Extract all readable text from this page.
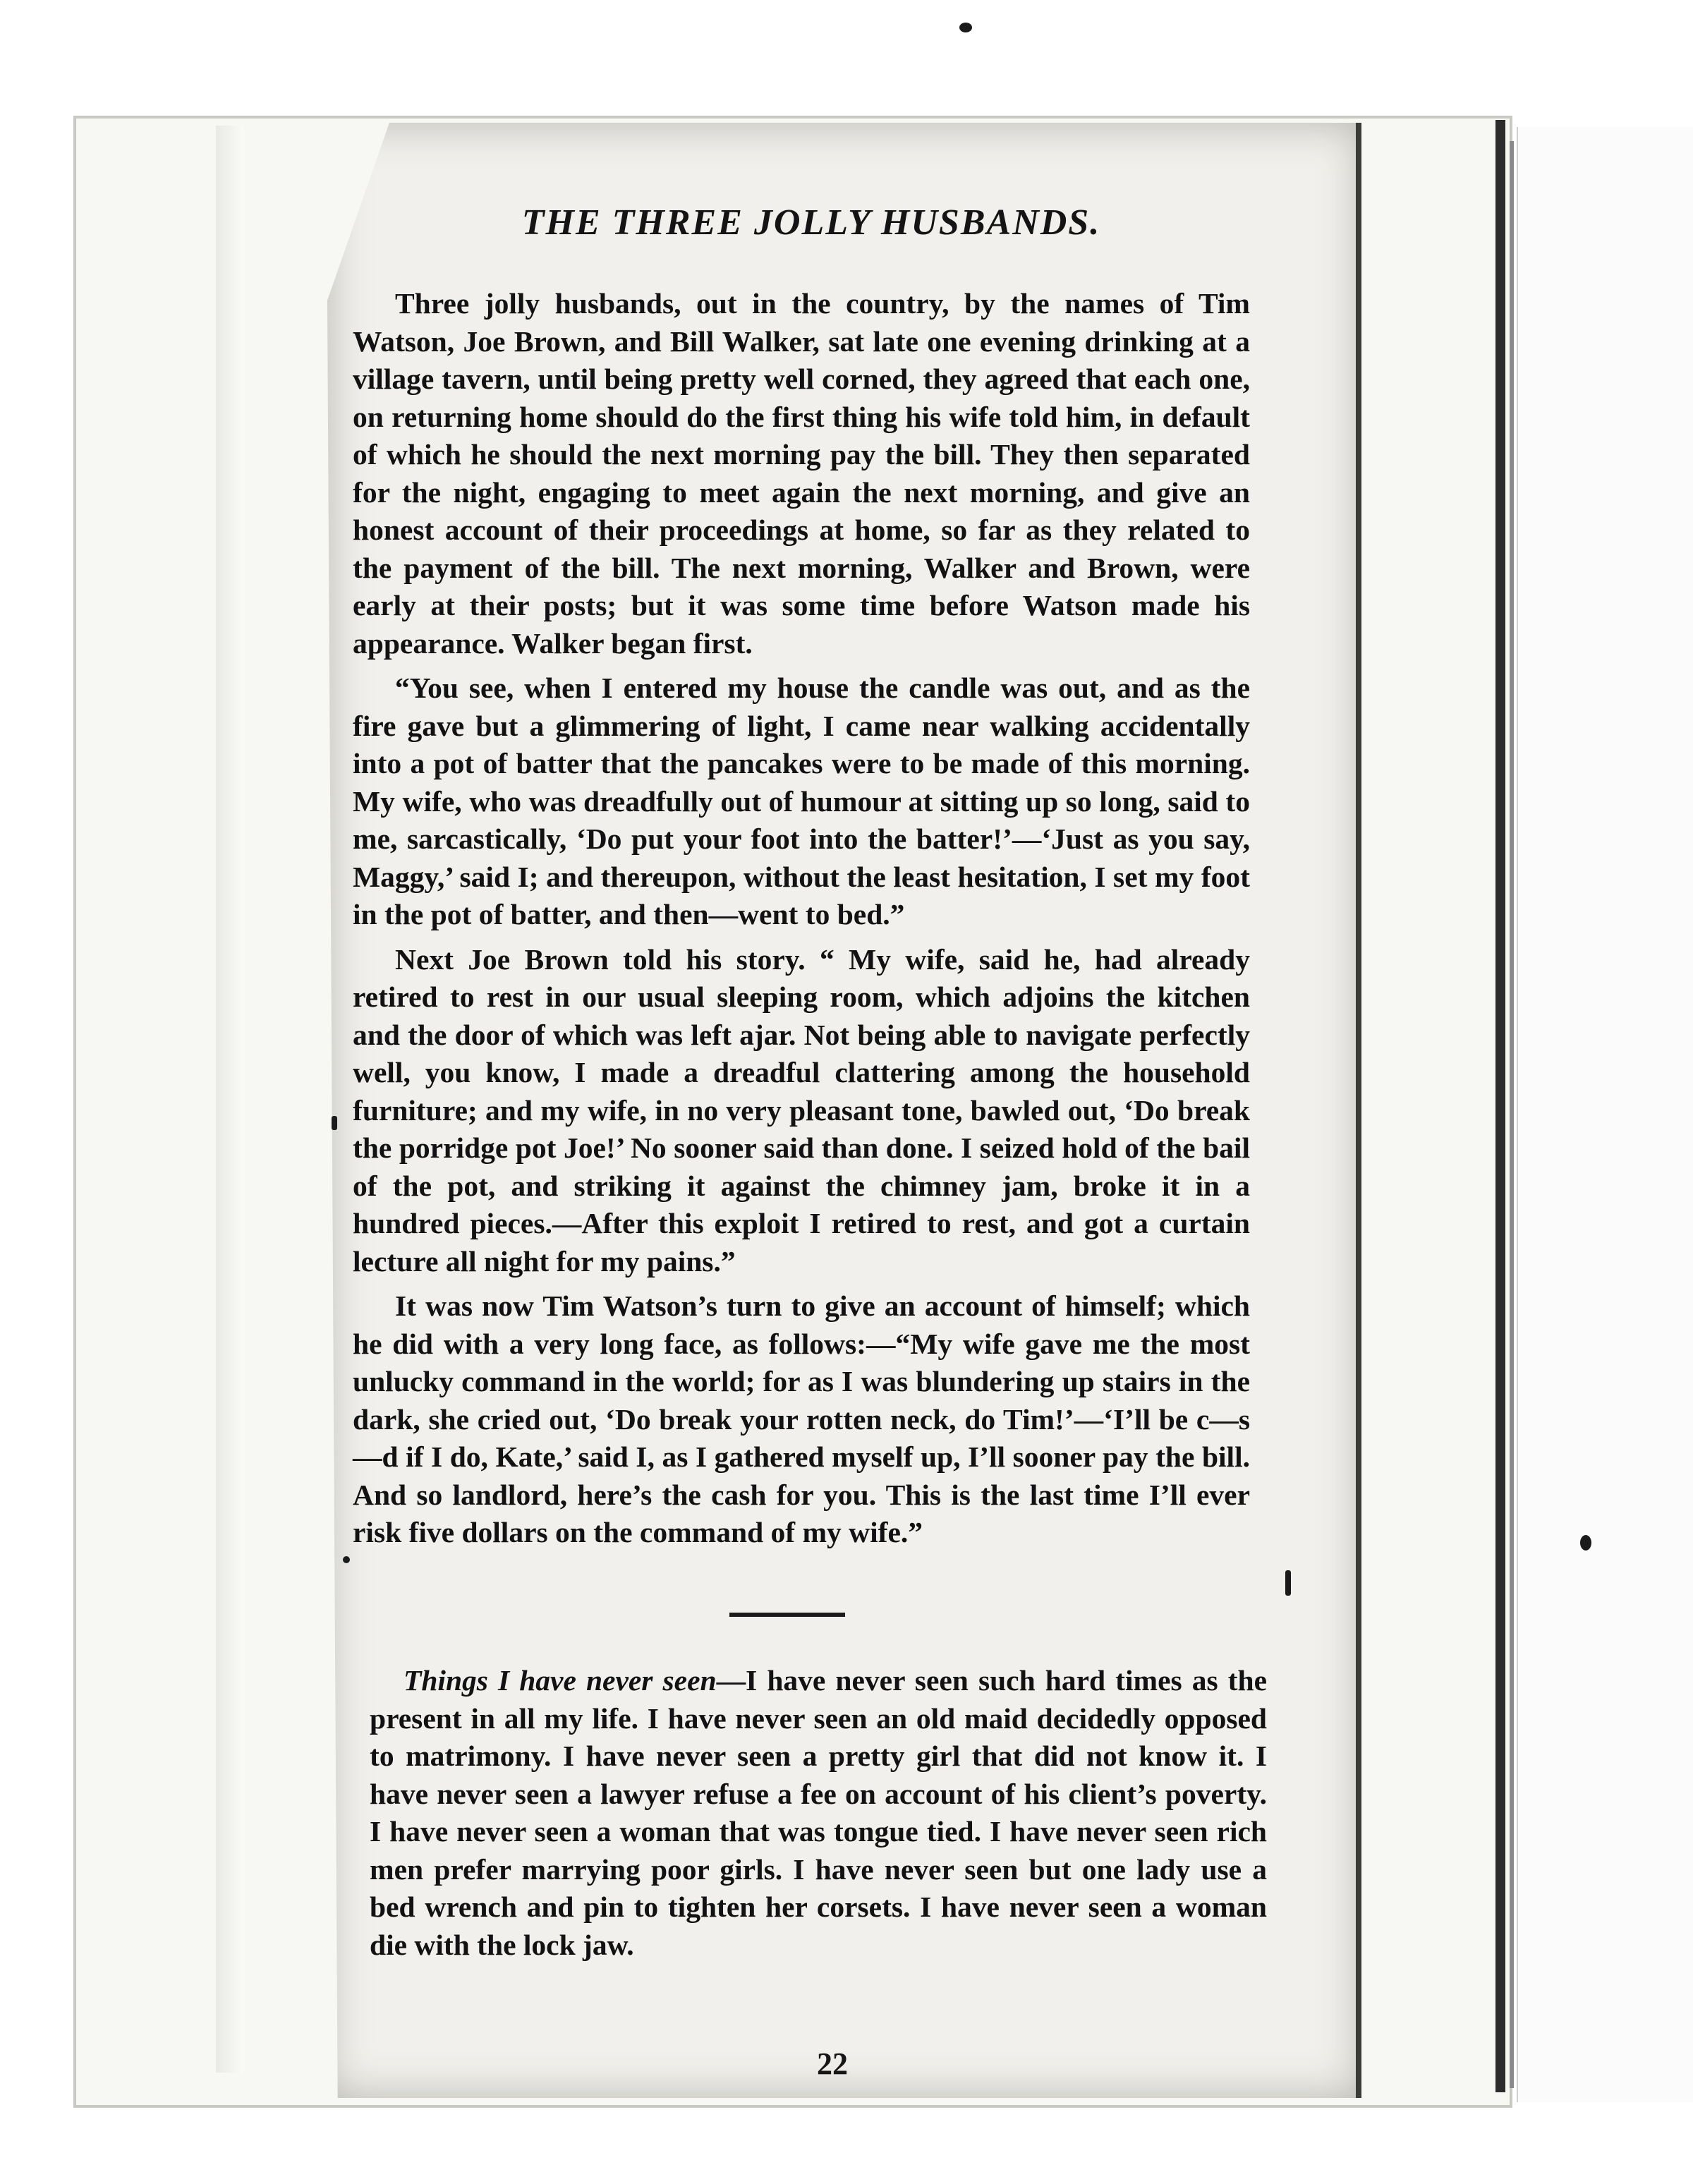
THE THREE JOLLY HUSBANDS.

Three jolly husbands, out in the country, by the names of Tim Watson, Joe Brown, and Bill Walker, sat late one evening drinking at a village tavern, until being pretty well corned, they agreed that each one, on returning home should do the first thing his wife told him, in default of which he should the next morning pay the bill. They then separated for the night, engaging to meet again the next morning, and give an honest account of their proceedings at home, so far as they related to the payment of the bill. The next morning, Walker and Brown, were early at their posts; but it was some time before Watson made his appearance. Walker began first.

“You see, when I entered my house the candle was out, and as the fire gave but a glimmering of light, I came near walking accidentally into a pot of batter that the pancakes were to be made of this morning. My wife, who was dreadfully out of humour at sitting up so long, said to me, sarcastically, ‘Do put your foot into the batter!’—‘Just as you say, Maggy,’ said I; and thereupon, without the least hesitation, I set my foot in the pot of batter, and then—went to bed.”

Next Joe Brown told his story. “ My wife, said he, had already retired to rest in our usual sleeping room, which adjoins the kitchen and the door of which was left ajar. Not being able to navigate perfectly well, you know, I made a dreadful clattering among the household furniture; and my wife, in no very pleasant tone, bawled out, ‘Do break the porridge pot Joe!’ No sooner said than done. I seized hold of the bail of the pot, and striking it against the chimney jam, broke it in a hundred pieces.—After this exploit I retired to rest, and got a curtain lecture all night for my pains.”

It was now Tim Watson’s turn to give an account of himself; which he did with a very long face, as follows:—“My wife gave me the most unlucky command in the world; for as I was blundering up stairs in the dark, she cried out, ‘Do break your rotten neck, do Tim!’—‘I’ll be c—s—d if I do, Kate,’ said I, as I gathered myself up, I’ll sooner pay the bill. And so landlord, here’s the cash for you. This is the last time I’ll ever risk five dollars on the command of my wife.”

Things I have never seen—I have never seen such hard times as the present in all my life. I have never seen an old maid decidedly opposed to matrimony. I have never seen a pretty girl that did not know it. I have never seen a lawyer refuse a fee on account of his client’s poverty. I have never seen a woman that was tongue tied. I have never seen rich men prefer marrying poor girls. I have never seen but one lady use a bed wrench and pin to tighten her corsets. I have never seen a woman die with the lock jaw.

22
